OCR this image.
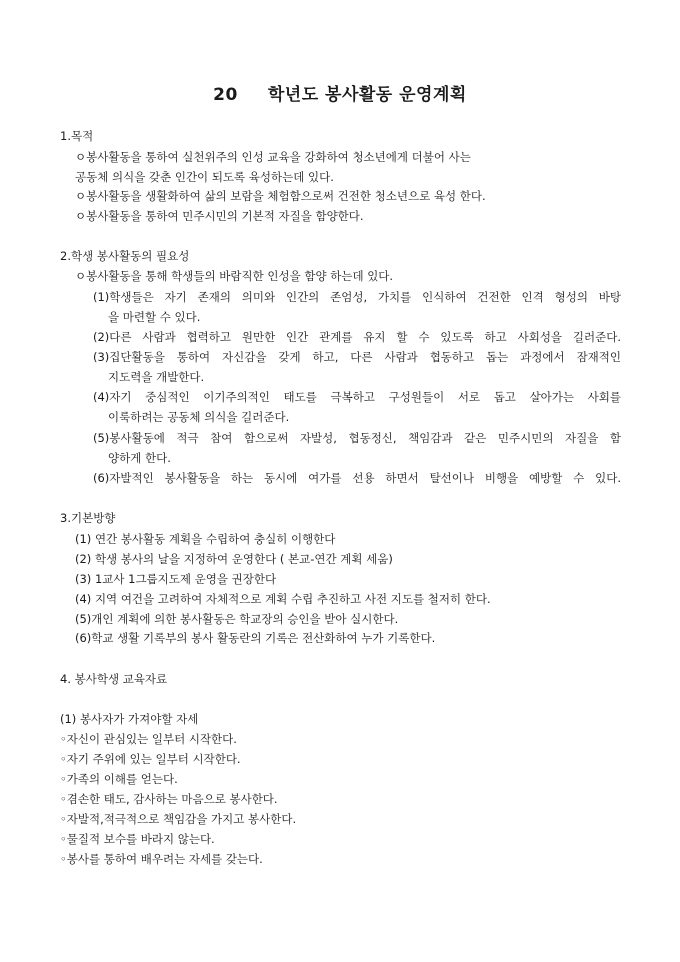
20 학년도 봉사활동 운영계획
1.목적
ㅇ봉사활동을 통하여 실천위주의 인성 교육을 강화하여 청소년에게 더불어 사는
공동체 의식을 갖춘 인간이 되도록 육성하는데 있다.
ㅇ봉사활동을 생활화하여 삶의 보람을 체험함으로써 건전한 청소년으로 육성 한다.
ㅇ봉사활동을 통하여 민주시민의 기본적 자질을 함양한다.
2.학생 봉사활동의 필요성
ㅇ봉사활동을 통해 학생들의 바람직한 인성을 함양 하는데 있다.
(1)학생들은 자기 존재의 의미와 인간의 존엄성, 가치를 인식하여 건전한 인격 형성의 바탕
을 마련할 수 있다.
(2)다른 사람과 협력하고 원만한 인간 관계를 유지 할 수 있도록 하고 사회성을 길러준다.
(3)집단활동을 통하여 자신감을 갖게 하고, 다른 사람과 협동하고 돕는 과정에서 잠재적인
지도력을 개발한다.
(4)자기 중심적인 이기주의적인 태도를 극복하고 구성원들이 서로 돕고 살아가는 사회를
이룩하려는 공동체 의식을 길러준다.
(5)봉사활동에 적극 참여 함으로써 자발성, 협동정신, 책임감과 같은 민주시민의 자질을 함
양하게 한다.
(6)자발적인 봉사활동을 하는 동시에 여가를 선용 하면서 탈선이나 비행을 예방할 수 있다.
3.기본방향
(1) 연간 봉사활동 계획을 수립하여 충실히 이행한다
(2) 학생 봉사의 날을 지정하여 운영한다 ( 본교-연간 계획 세움)
(3) 1교사 1그룹지도제 운영을 권장한다
(4) 지역 여건을 고려하여 자체적으로 계획 수립 추진하고 사전 지도를 철저히 한다.
(5)개인 계획에 의한 봉사활동은 학교장의 승인을 받아 실시한다.
(6)학교 생활 기록부의 봉사 활동란의 기록은 전산화하여 누가 기록한다.
4. 봉사학생 교육자료
(1) 봉사자가 가져야할 자세
◦자신이 관심있는 일부터 시작한다.
◦자기 주위에 있는 일부터 시작한다.
◦가족의 이해를 얻는다.
◦겸손한 태도, 감사하는 마음으로 봉사한다.
◦자발적,적극적으로 책임감을 가지고 봉사한다.
◦물질적 보수를 바라지 않는다.
◦봉사를 통하여 배우려는 자세를 갖는다.
